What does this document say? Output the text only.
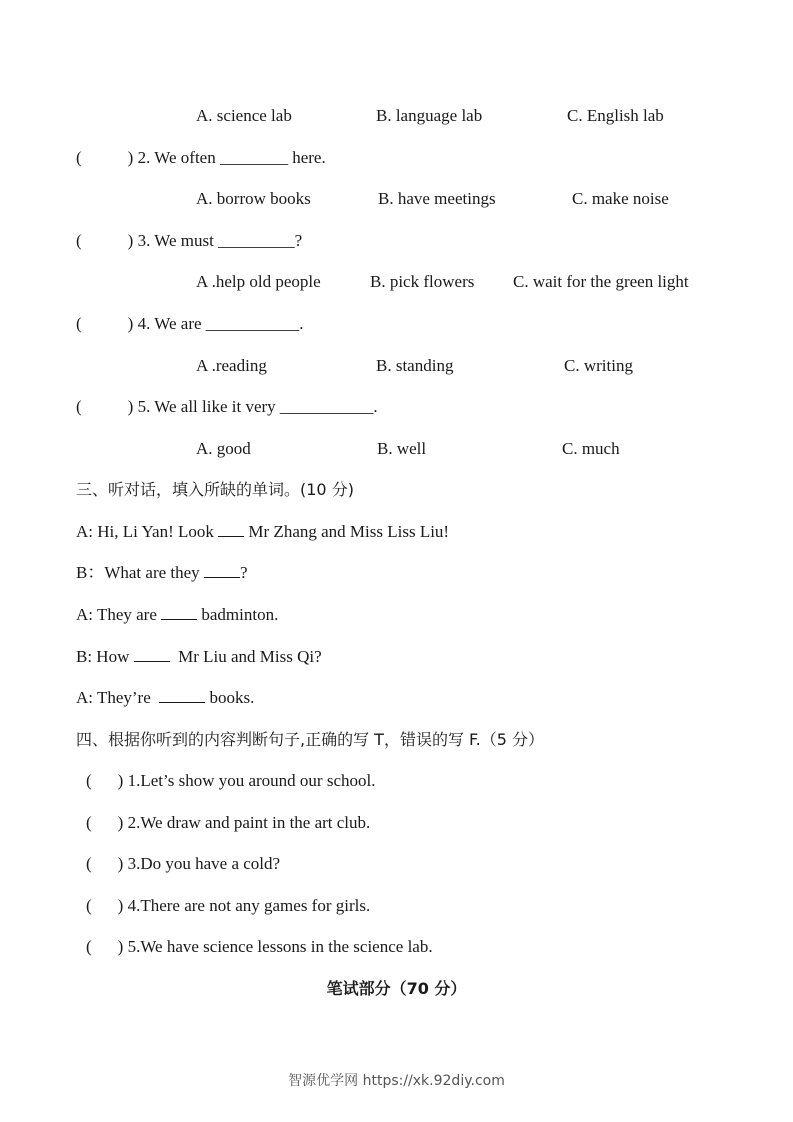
A. science lab	B. language lab	C. English lab
(	) 2. We often ________ here.
A. borrow books	B. have meetings	C. make noise
(	) 3. We must _________?
A .help old people	B. pick flowers C. wait for the green light
(	) 4. We are ___________.
A .reading	B. standing	C. writing
(	) 5. We all like it very ___________.
A. good	B. well	C. much
三、听对话，填入所缺的单词。(10 分)
A: Hi, Li Yan! Look Mr Zhang and Miss Liss Liu!
B：What are they ?
A: They are	badminton.
B: How	Mr Liu and Miss Qi?
A: They’re	books.
四、根据你听到的内容判断句子,正确的写 T，错误的写 F.（5 分）
( ) 1.Let’s show you around our school.
( ) 2.We draw and paint in the art club.
( ) 3.Do you have a cold?
( ) 4.There are not any games for girls.
( ) 5.We have science lessons in the science lab.
笔试部分（70 分）
智源优学网 https://xk.92diy.com
